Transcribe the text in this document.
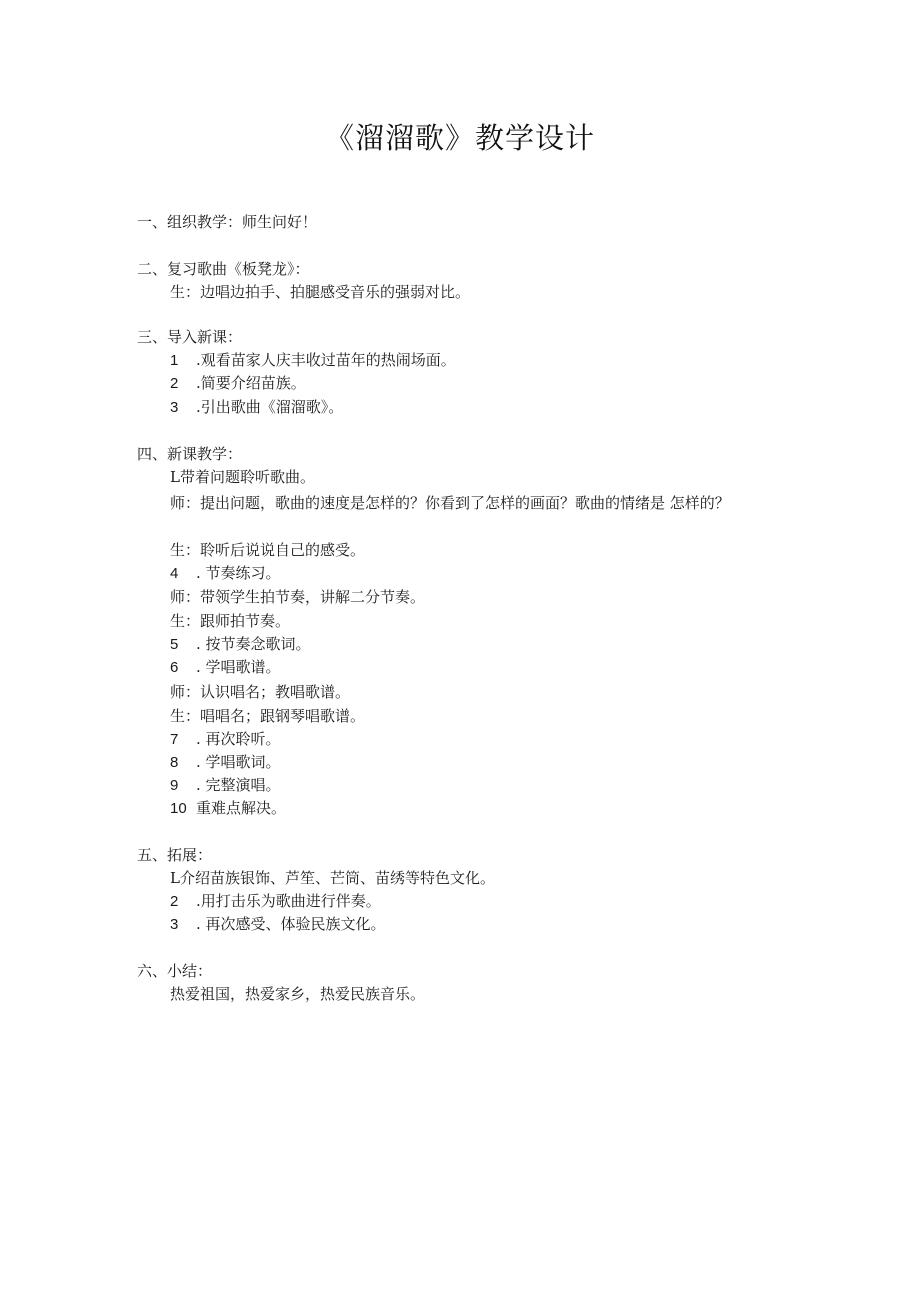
《溜溜歌》教学设计
一、组织教学：师生问好！
二、复习歌曲《板凳龙》：
生：边唱边拍手、拍腿感受音乐的强弱对比。
三、导入新课：
1 .观看苗家人庆丰收过苗年的热闹场面。
2 .简要介绍苗族。
3 .引出歌曲《溜溜歌》。
四、新课教学：
L带着问题聆听歌曲。
师：提出问题，歌曲的速度是怎样的？你看到了怎样的画面？歌曲的情绪是 怎样的？
生：聆听后说说自己的感受。
4 . 节奏练习。
师：带领学生拍节奏，讲解二分节奏。
生：跟师拍节奏。
5 . 按节奏念歌词。
6 . 学唱歌谱。
师：认识唱名；教唱歌谱。
生：唱唱名；跟钢琴唱歌谱。
7 . 再次聆听。
8 . 学唱歌词。
9 . 完整演唱。
10 重难点解决。
五、拓展：
L介绍苗族银饰、芦笙、芒筒、苗绣等特色文化。
2 .用打击乐为歌曲进行伴奏。
3 . 再次感受、体验民族文化。
六、小结：
热爱祖国，热爱家乡，热爱民族音乐。
